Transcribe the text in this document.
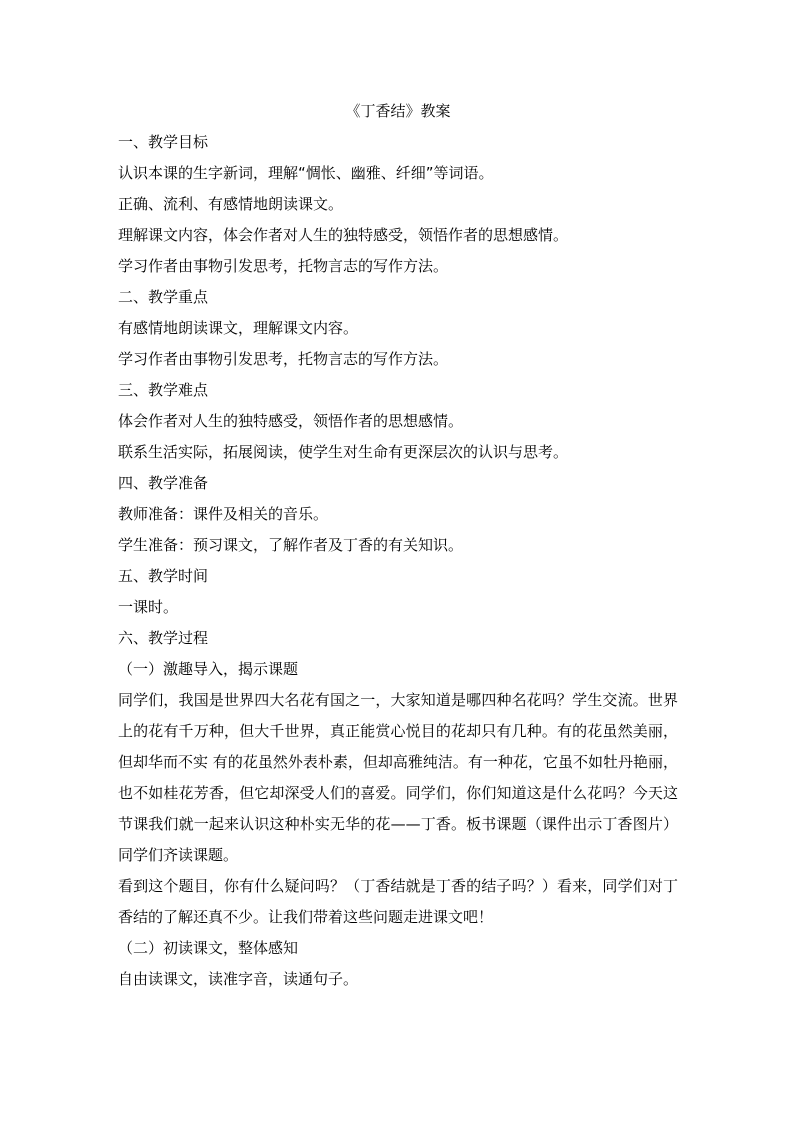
《丁香结》教案

一、教学目标

认识本课的生字新词，理解“惆怅、幽雅、纤细”等词语。

正确、流利、有感情地朗读课文。

理解课文内容，体会作者对人生的独特感受，领悟作者的思想感情。

学习作者由事物引发思考，托物言志的写作方法。

二、教学重点

有感情地朗读课文，理解课文内容。

学习作者由事物引发思考，托物言志的写作方法。

三、教学难点

体会作者对人生的独特感受，领悟作者的思想感情。

联系生活实际，拓展阅读，使学生对生命有更深层次的认识与思考。

四、教学准备

教师准备：课件及相关的音乐。

学生准备：预习课文，了解作者及丁香的有关知识。

五、教学时间

一课时。

六、教学过程

（一）激趣导入，揭示课题

同学们，我国是世界四大名花有国之一，大家知道是哪四种名花吗？学生交流。世界上的花有千万种，但大千世界，真正能赏心悦目的花却只有几种。有的花虽然美丽，但却华而不实 有的花虽然外表朴素，但却高雅纯洁。有一种花，它虽不如牡丹艳丽，也不如桂花芳香，但它却深受人们的喜爱。同学们，你们知道这是什么花吗？今天这节课我们就一起来认识这种朴实无华的花——丁香。板书课题（课件出示丁香图片）同学们齐读课题。

看到这个题目，你有什么疑问吗？（丁香结就是丁香的结子吗？）看来，同学们对丁香结的了解还真不少。让我们带着这些问题走进课文吧！

（二）初读课文，整体感知

自由读课文，读准字音，读通句子。
